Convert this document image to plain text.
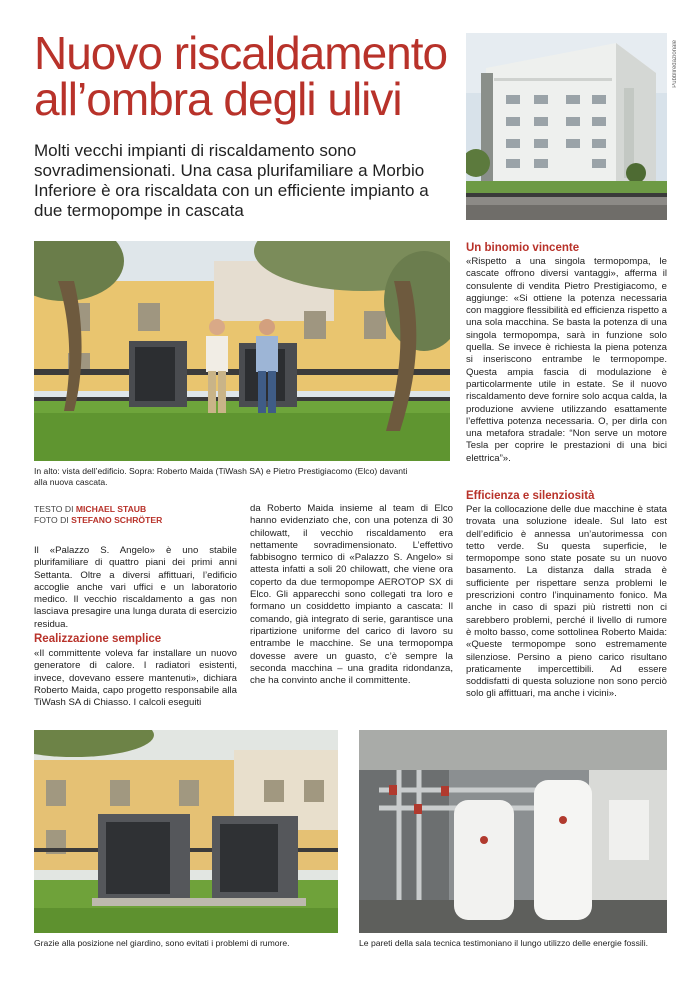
Nuovo riscaldamento
all’ombra degli ulivi
Molti vecchi impianti di riscaldamento sono sovradimensionati. Una casa plurifamiliare a Morbio Inferiore è ora riscaldata con un efficiente impianto a due termopompe in cascata
Pubbliredazionale
In alto: vista dell’edificio. Sopra: Roberto Maida (TiWash SA) e Pietro Prestigiacomo (Elco) davanti alla nuova cascata.
TESTO DI MICHAEL STAUB
FOTO DI STEFANO SCHRÖTER

Il «Palazzo S. Angelo» è uno stabile plurifamiliare di quattro piani dei primi anni Settanta. Oltre a diversi affittuari, l’edificio accoglie anche vari uffici e un laboratorio medico. Il vecchio riscaldamento a gas non lasciava presagire una lunga durata di esercizio residua.

Realizzazione semplice

«Il committente voleva far installare un nuovo generatore di calore. I radiatori esistenti, invece, dovevano essere mantenuti», dichiara Roberto Maida, capo progetto responsabile alla TiWash SA di Chiasso. I calcoli eseguiti

da Roberto Maida insieme al team di Elco hanno evidenziato che, con una potenza di 30 chilowatt, il vecchio riscaldamento era nettamente sovradimensionato. L’effettivo fabbisogno termico di «Palazzo S. Angelo» si attesta infatti a soli 20 chilowatt, che viene ora coperto da due termopompe AEROTOP SX di Elco. Gli apparecchi sono collegati tra loro e formano un cosiddetto impianto a cascata: Il comando, già integrato di serie, garantisce una ripartizione uniforme del carico di lavoro su entrambe le macchine. Se una termopompa dovesse avere un guasto, c’è sempre la seconda macchina – una gradita ridondanza, che ha convinto anche il committente.

Un binomio vincente

«Rispetto a una singola termopompa, le cascate offrono diversi vantaggi», afferma il consulente di vendita Pietro Prestigiacomo, e aggiunge: «Si ottiene la potenza necessaria con maggiore flessibilità ed efficienza rispetto a una sola macchina. Se basta la potenza di una singola termopompa, sarà in funzione solo quella. Se invece è richiesta la piena potenza si inseriscono entrambe le termopompe. Questa ampia fascia di modulazione è particolarmente utile in estate. Se il nuovo riscaldamento deve fornire solo acqua calda, la produzione avviene utilizzando esattamente l’effettiva potenza necessaria. O, per dirla con una metafora stradale: “Non serve un motore Tesla per coprire le prestazioni di una bici elettrica”».

Efficienza e silenziosità

Per la collocazione delle due macchine è stata trovata una soluzione ideale. Sul lato est dell’edificio è annessa un’autorimessa con tetto verde. Su questa superficie, le termopompe sono state posate su un nuovo basamento. La distanza dalla strada è sufficiente per rispettare senza problemi le prescrizioni contro l’inquinamento fonico. Ma anche in caso di spazi più ristretti non ci sarebbero problemi, perché il livello di rumore è molto basso, come sottolinea Roberto Maida: «Queste termopompe sono estremamente silenziose. Persino a pieno carico risultano praticamente impercettibili. Ad essere soddisfatti di questa soluzione non sono perciò solo gli affittuari, ma anche i vicini».

Grazie alla posizione nel giardino, sono evitati i problemi di rumore.	Le pareti della sala tecnica testimoniano il lungo utilizzo delle energie fossili.
